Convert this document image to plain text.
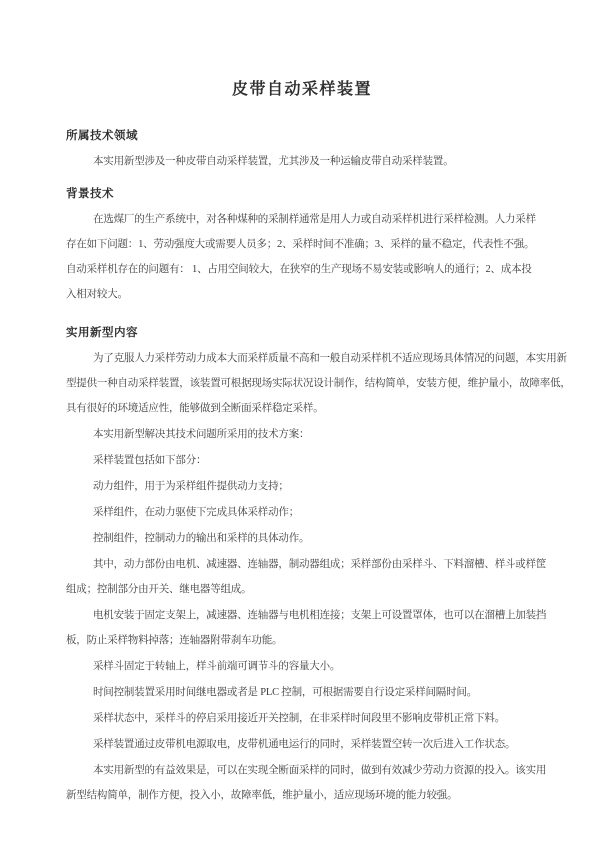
皮带自动采样装置
所属技术领域
本实用新型涉及一种皮带自动采样装置，尤其涉及一种运输皮带自动采样装置。
背景技术
在选煤厂的生产系统中，对各种煤种的采制样通常是用人力或自动采样机进行采样检测。人力采样
存在如下问题：1、劳动强度大或需要人员多；2、采样时间不准确；3、采样的量不稳定，代表性不强。
自动采样机存在的问题有： 1、占用空间较大，在狭窄的生产现场不易安装或影响人的通行；2、成本投
入相对较大。
实用新型内容
为了克服人力采样劳动力成本大而采样质量不高和一般自动采样机不适应现场具体情况的问题，本实用新
型提供一种自动采样装置，该装置可根据现场实际状况设计制作，结构简单，安装方便，维护量小，故障率低，
具有很好的环境适应性，能够做到全断面采样稳定采样。
本实用新型解决其技术问题所采用的技术方案：
采样装置包括如下部分：
动力组件，用于为采样组件提供动力支持；
采样组件，在动力驱使下完成具体采样动作；
控制组件，控制动力的输出和采样的具体动作。
其中，动力部份由电机、减速器、连轴器，制动器组成；采样部份由采样斗、下料溜槽、样斗或样筐
组成；控制部分由开关、继电器等组成。
电机安装于固定支架上，减速器、连轴器与电机相连接；支架上可设置罩体，也可以在溜槽上加装挡
板，防止采样物料掉落；连轴器附带刹车功能。
采样斗固定于转轴上，样斗前端可调节斗的容量大小。
时间控制装置采用时间继电器或者是 PLC 控制，可根据需要自行设定采样间隔时间。
采样状态中，采样斗的停启采用接近开关控制，在非采样时间段里不影响皮带机正常下料。
采样装置通过皮带机电源取电，皮带机通电运行的同时，采样装置空转一次后进入工作状态。
本实用新型的有益效果是，可以在实现全断面采样的同时，做到有效减少劳动力资源的投入。该实用
新型结构简单，制作方便，投入小，故障率低，维护量小，适应现场环境的能力较强。
